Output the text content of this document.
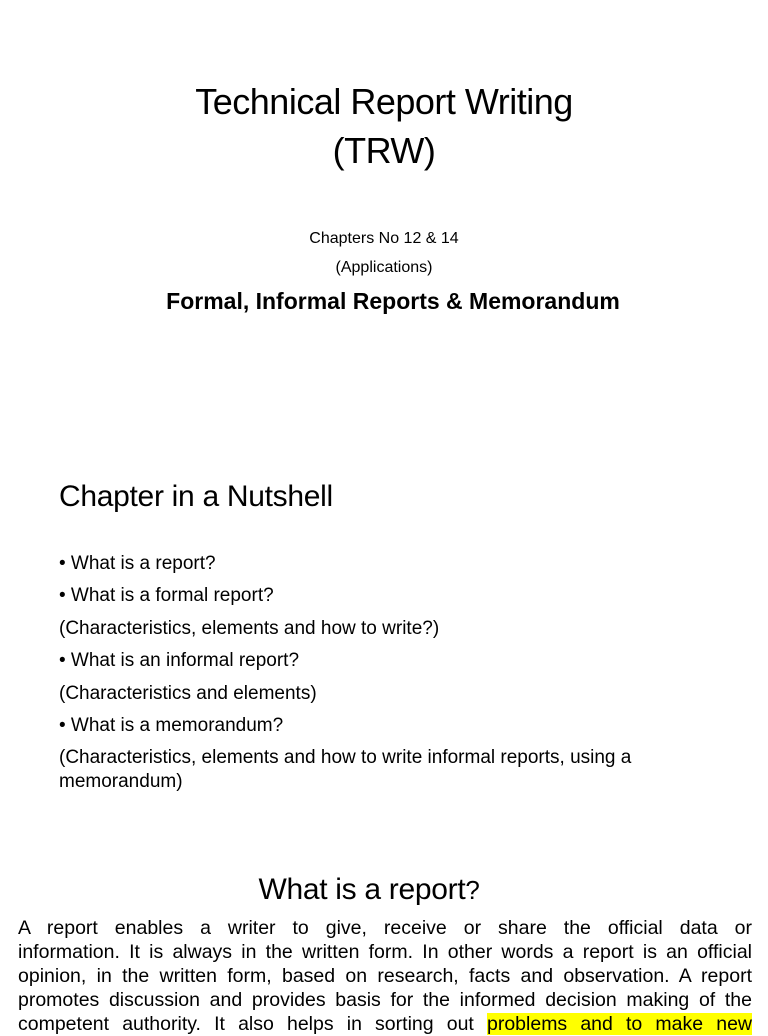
Technical Report Writing
(TRW)
Chapters No 12 & 14
(Applications)
Formal, Informal Reports & Memorandum
Chapter in a Nutshell
• What is a report?
• What is a formal report?
(Characteristics, elements and how to write?)
• What is an informal report?
(Characteristics and elements)
• What is a memorandum?
(Characteristics, elements and how to write informal reports, using a memorandum)
What is a report?
A report enables a writer to give, receive or share the official data or
information. It is always in the written form. In other words a report is an official
opinion, in the written form, based on research, facts and observation. A report
promotes discussion and provides basis for the informed decision making of the
competent authority. It also helps in sorting out problems and to make new
